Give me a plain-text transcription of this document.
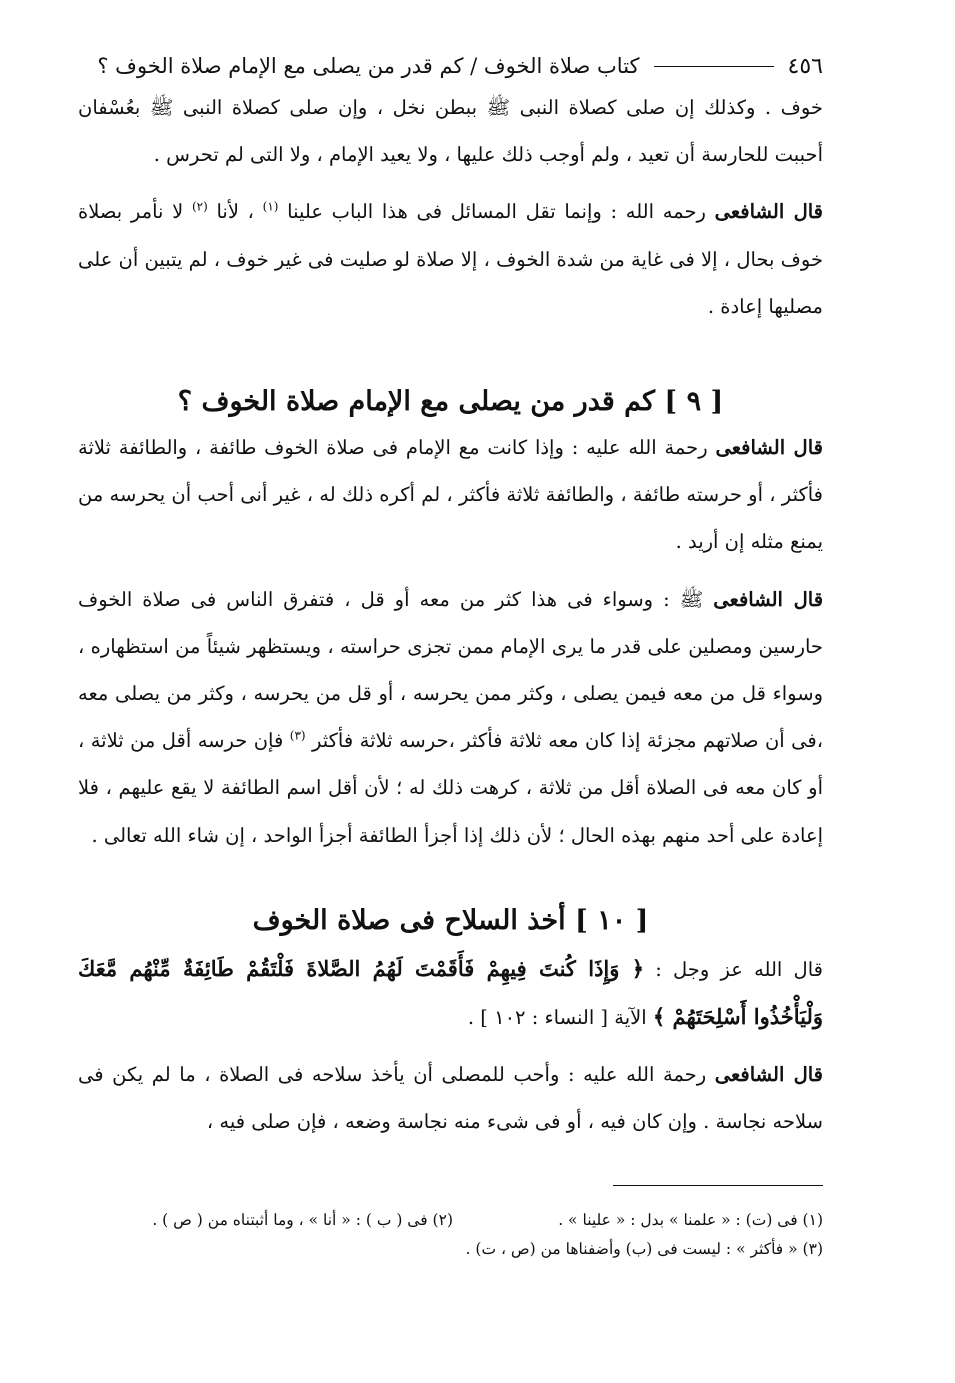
٤٥٦
كتاب صلاة الخوف / كم قدر من يصلى مع الإمام صلاة الخوف ؟

خوف . وكذلك إن صلى كصلاة النبى ﷺ ببطن نخل ، وإن صلى كصلاة النبى ﷺ بعُسْفان أحببت للحارسة أن تعيد ، ولم أوجب ذلك عليها ، ولا يعيد الإمام ، ولا التى لم تحرس .

قال الشافعى رحمه الله : وإنما تقل المسائل فى هذا الباب علينا $^{(١)}$ ، لأنا $^{(٢)}$ لا نأمر بصلاة خوف بحال ، إلا فى غاية من شدة الخوف ، إلا صلاة لو صليت فى غير خوف ، لم يتبين أن على مصليها إعادة .

[ ٩ ] كم قدر من يصلى مع الإمام صلاة الخوف ؟

قال الشافعى رحمة الله عليه : وإذا كانت مع الإمام فى صلاة الخوف طائفة ، والطائفة ثلاثة فأكثر ، أو حرسته طائفة ، والطائفة ثلاثة فأكثر ، لم أكره ذلك له ، غير أنى أحب أن يحرسه من يمنع مثله إن أريد .

قال الشافعى ﷺ : وسواء فى هذا كثر من معه أو قل ، فتفرق الناس فى صلاة الخوف حارسين ومصلين على قدر ما يرى الإمام ممن تجزى حراسته ، ويستظهر شيئاً من استظهاره ، وسواء قل من معه فيمن يصلى ، وكثر ممن يحرسه ، أو قل من يحرسه ، وكثر من يصلى معه ،فى أن صلاتهم مجزئة إذا كان معه ثلاثة فأكثر ،حرسه ثلاثة فأكثر $^{(٣)}$ فإن حرسه أقل من ثلاثة ، أو كان معه فى الصلاة أقل من ثلاثة ، كرهت ذلك له ؛ لأن أقل اسم الطائفة لا يقع عليهم ، فلا إعادة على أحد منهم بهذه الحال ؛ لأن ذلك إذا أجزأ الطائفة أجزأ الواحد ، إن شاء الله تعالى .

[ ١٠ ] أخذ السلاح فى صلاة الخوف

قال الله عز وجل : ﴿ وَإِذَا كُنتَ فِيهِمْ فَأَقَمْتَ لَهُمُ الصَّلاةَ فَلْتَقُمْ طَائِفَةٌ مِّنْهُم مَّعَكَ وَلْيَأْخُذُوا أَسْلِحَتَهُمْ ﴾ الآية [ النساء : ١٠٢ ] .

قال الشافعى رحمة الله عليه : وأحب للمصلى أن يأخذ سلاحه فى الصلاة ، ما لم يكن فى سلاحه نجاسة . وإن كان فيه ، أو فى شىء منه نجاسة وضعه ، فإن صلى فيه ،

(١) فى (ت) : « علمنا » بدل : « علينا » .
(٢) فى ( ب ) : « أنا » ، وما أثبتناه من ( ص ) .
(٣) « فأكثر » : ليست فى (ب) وأضفناها من (ص ، ت) .
